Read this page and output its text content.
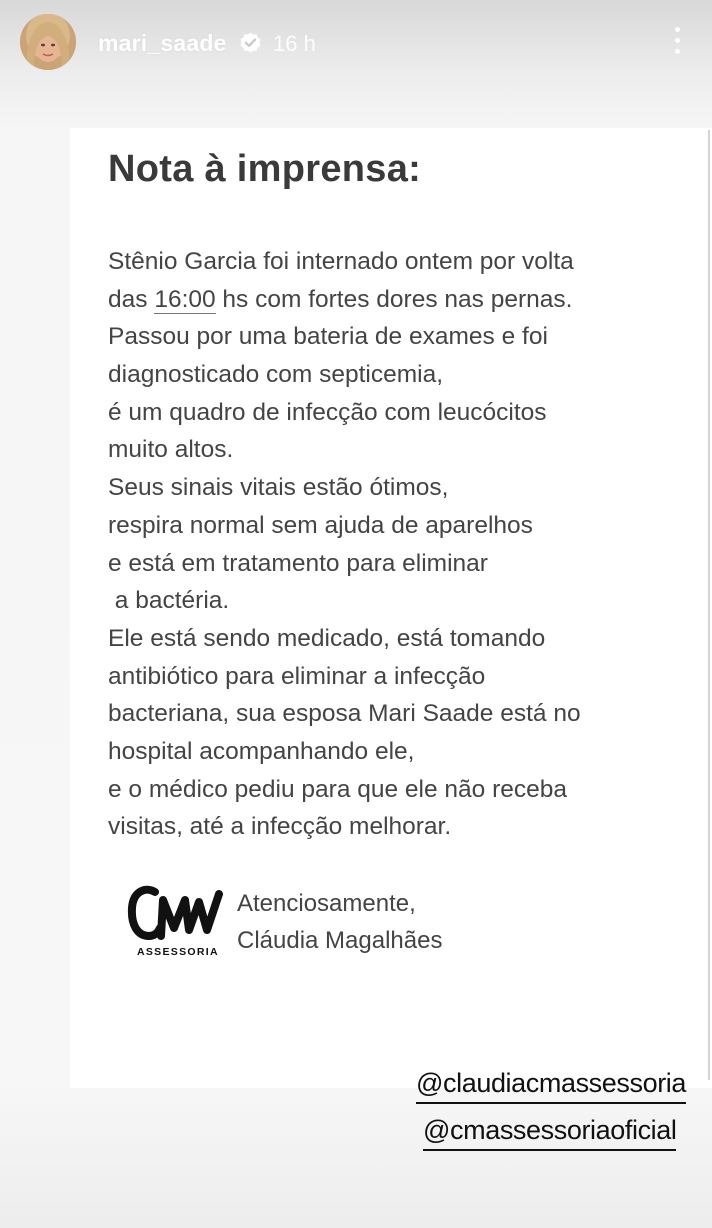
mari_saade 16 h
Nota à imprensa:
Stênio Garcia foi internado ontem por volta
das 16:00 hs com fortes dores nas pernas.
Passou por uma bateria de exames e foi
diagnosticado com septicemia,
é um quadro de infecção com leucócitos
muito altos.
Seus sinais vitais estão ótimos,
respira normal sem ajuda de aparelhos
e está em tratamento para eliminar
a bactéria.
Ele está sendo medicado, está tomando
antibiótico para eliminar a infecção
bacteriana, sua esposa Mari Saade está no
hospital acompanhando ele,
e o médico pediu para que ele não receba
visitas, até a infecção melhorar.
ASSESSORIA
Atenciosamente,
Cláudia Magalhães
@claudiacmassessoria
@cmassessoriaoficial
